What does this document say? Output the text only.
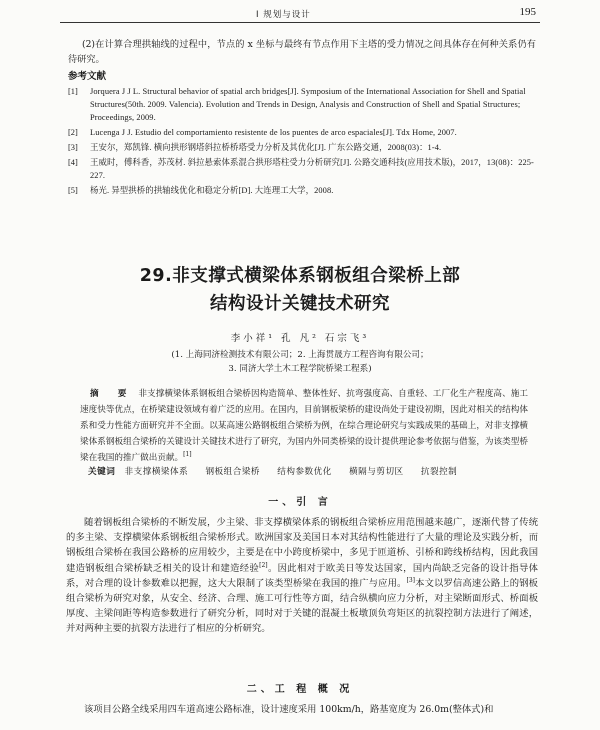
I 规划与设计	195

(2)在计算合理拱轴线的过程中，节点的 x 坐标与最终有节点作用下主塔的受力情况之间具体存在何种关系仍有待研究。

参考文献
[1]	Jorquera J J L. Structural behavior of spatial arch bridges[J]. Symposium of the International Association for Shell and Spatial Structures(50th. 2009. Valencia). Evolution and Trends in Design, Analysis and Construction of Shell and Spatial Structures; Proceedings, 2009.
[2]	Lucenga J J. Estudio del comportamiento resistente de los puentes de arco espaciales[J]. Tdx Home, 2007.
[3]	王安尔，郑凯锋. 横向拱形钢塔斜拉桥桥塔受力分析及其优化[J]. 广东公路交通，2008(03)：1-4.
[4]	王威时，傅科香，苏茂材. 斜拉悬索体系混合拱形塔柱受力分析研究[J]. 公路交通科技(应用技术版)，2017，13(08)：225-227.
[5]	杨光. 异型拱桥的拱轴线优化和稳定分析[D]. 大连理工大学，2008.
29.非支撑式横梁体系钢板组合梁桥上部
结构设计关键技术研究
李小祥¹ 孔 凡² 石宗飞³
(1. 上海同济检测技术有限公司；2. 上海贯晟方工程咨询有限公司；
3. 同济大学土木工程学院桥梁工程系)

摘 要 非支撑横梁体系钢板组合梁桥因构造简单、整体性好、抗弯强度高、自重轻、工厂化生产程度高、施工速度快等优点，在桥梁建设领域有着广泛的应用。在国内，目前钢板梁桥的建设尚处于建设初期，因此对相关的结构体系和受力性能方面研究并不全面。以某高速公路钢板组合梁桥为例，在综合理论研究与实践成果的基础上，对非支撑横梁体系钢板组合梁桥的关键设计关键技术进行了研究，为国内外同类桥梁的设计提供理论参考依据与借鉴，为该类型桥梁在我国的推广做出贡献。[1]

关键词 非支撑横梁体系 钢板组合梁桥 结构参数优化 横隔与剪切区 抗裂控制
一、引 言

随着钢板组合梁桥的不断发展，少主梁、非支撑横梁体系的钢板组合梁桥应用范围越来越广，逐渐代替了传统的多主梁、支撑横梁体系钢板组合梁桥形式。欧洲国家及美国日本对其结构性能进行了大量的理论及实践分析，而钢板组合梁桥在我国公路桥的应用较少，主要是在中小跨度桥梁中，多见于匝道桥、引桥和跨线桥结构，因此我国建造钢板组合梁桥缺乏相关的设计和建造经验[2]。因此相对于欧美日等发达国家，国内尚缺乏完备的设计指导体系，对合理的设计参数难以把握，这大大限制了该类型桥梁在我国的推广与应用。[3]本文以罗信高速公路上的钢板组合梁桥为研究对象，从安全、经济、合理、施工可行性等方面，结合纵横向应力分析，对主梁断面形式、桥面板厚度、主梁间距等构造参数进行了研究分析，同时对于关键的混凝土板墩顶负弯矩区的抗裂控制方法进行了阐述，并对两种主要的抗裂方法进行了相应的分析研究。

二、工 程 概 况

该项目公路全线采用四车道高速公路标准，设计速度采用 100km/h，路基宽度为 26.0m(整体式)和
